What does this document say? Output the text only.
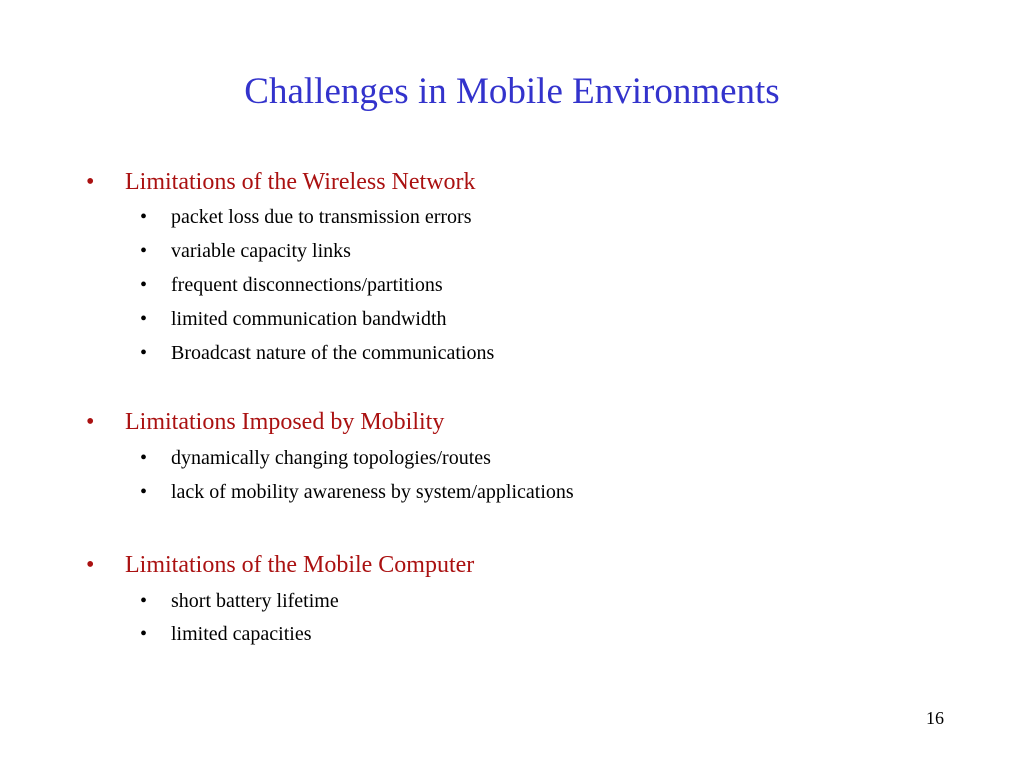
Challenges in Mobile Environments
• Limitations of the Wireless Network
• packet loss due to transmission errors
• variable capacity links
• frequent disconnections/partitions
• limited communication bandwidth
• Broadcast nature of the communications
• Limitations Imposed by Mobility
• dynamically changing topologies/routes
• lack of mobility awareness by system/applications
• Limitations of the Mobile Computer
• short battery lifetime
• limited capacities
16
